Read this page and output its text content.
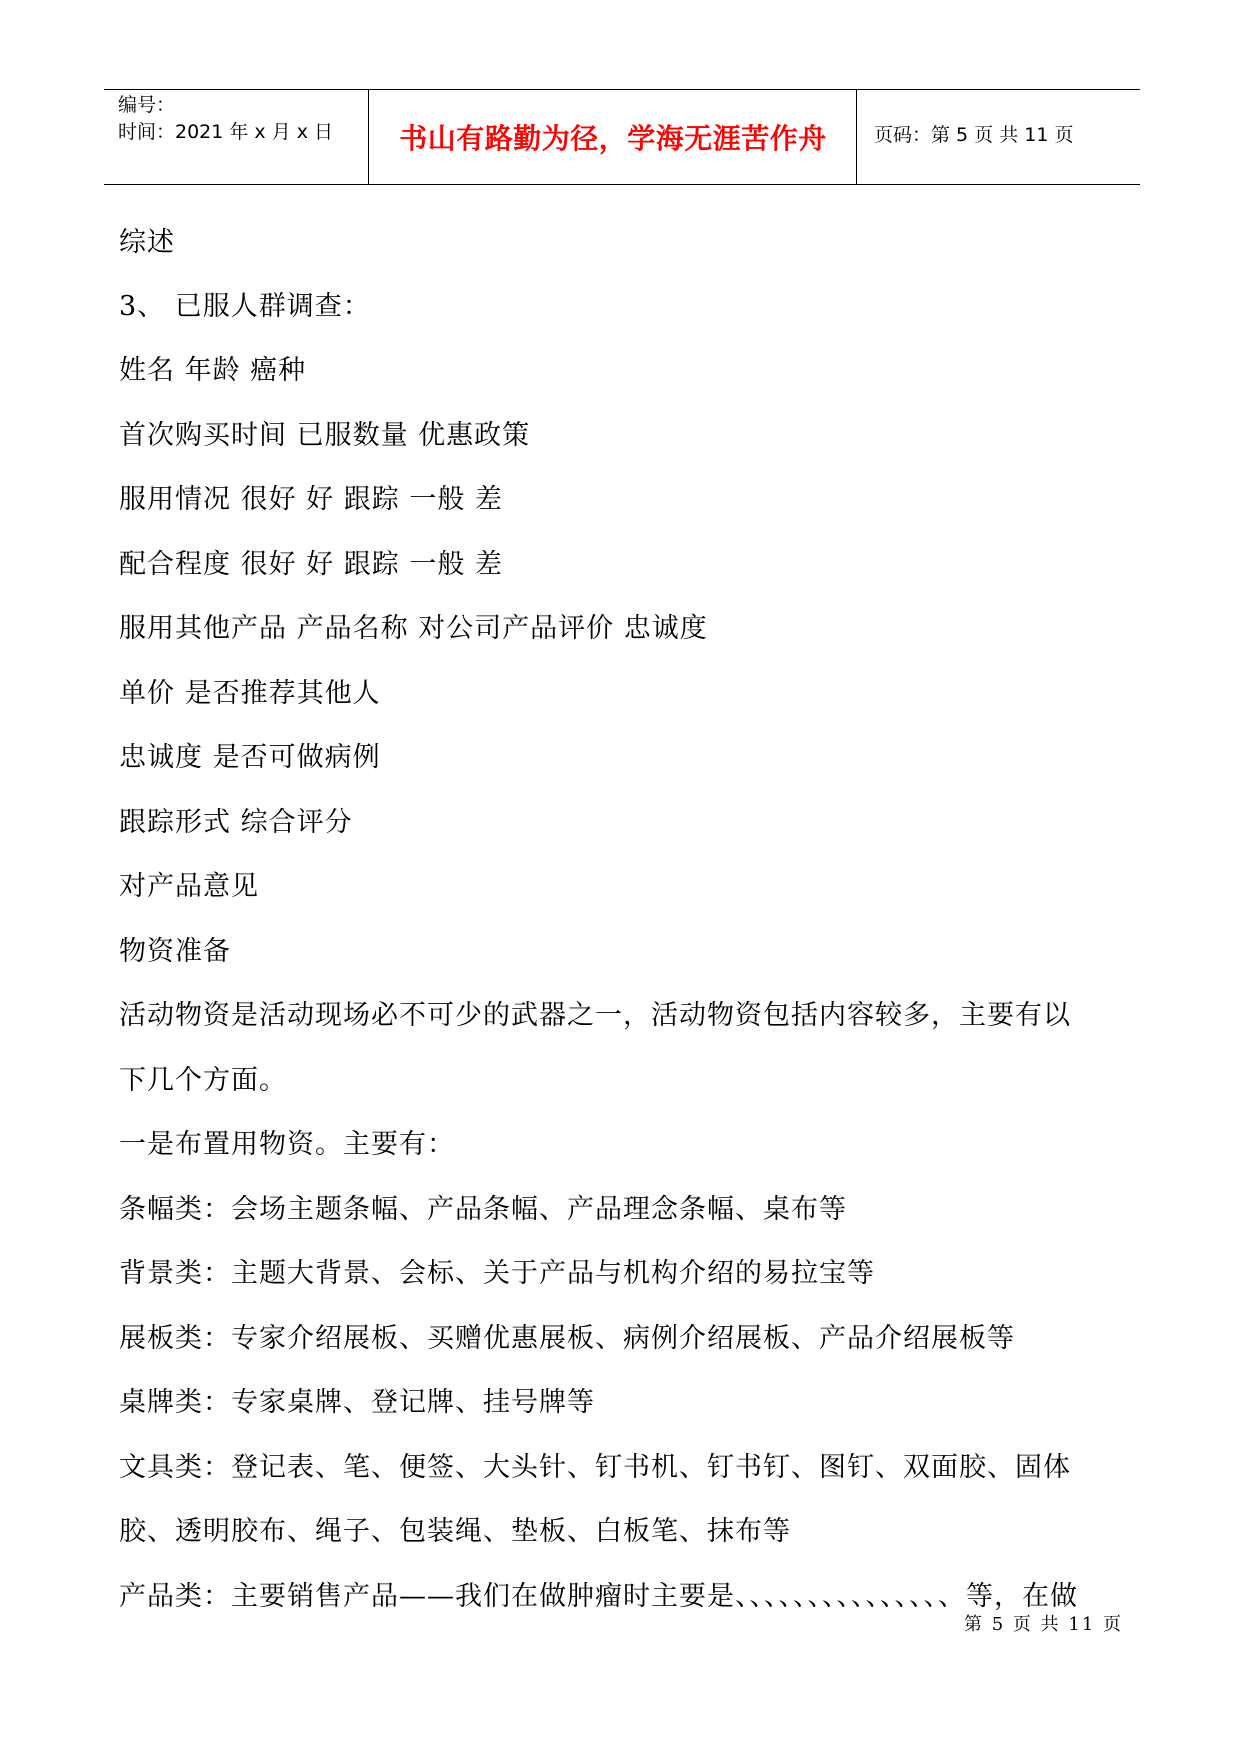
编号：
时间：2021 年 x 月 x 日	书山有路勤为径，学海无涯苦作舟	页码：第 5 页 共 11 页
综述
3、 已服人群调查：
姓名 年龄 癌种
首次购买时间 已服数量 优惠政策
服用情况 很好 好 跟踪 一般 差
配合程度 很好 好 跟踪 一般 差
服用其他产品 产品名称 对公司产品评价 忠诚度
单价 是否推荐其他人
忠诚度 是否可做病例
跟踪形式 综合评分
对产品意见
物资准备
活动物资是活动现场必不可少的武器之一，活动物资包括内容较多，主要有以
下几个方面。
一是布置用物资。主要有：
条幅类：会场主题条幅、产品条幅、产品理念条幅、桌布等
背景类：主题大背景、会标、关于产品与机构介绍的易拉宝等
展板类：专家介绍展板、买赠优惠展板、病例介绍展板、产品介绍展板等
桌牌类：专家桌牌、登记牌、挂号牌等
文具类：登记表、笔、便签、大头针、钉书机、钉书钉、图钉、双面胶、固体
胶、透明胶布、绳子、包装绳、垫板、白板笔、抹布等
产品类：主要销售产品——我们在做肿瘤时主要是、、、、、、、、、、、、、、、等，在做
第 5 页 共 11 页
